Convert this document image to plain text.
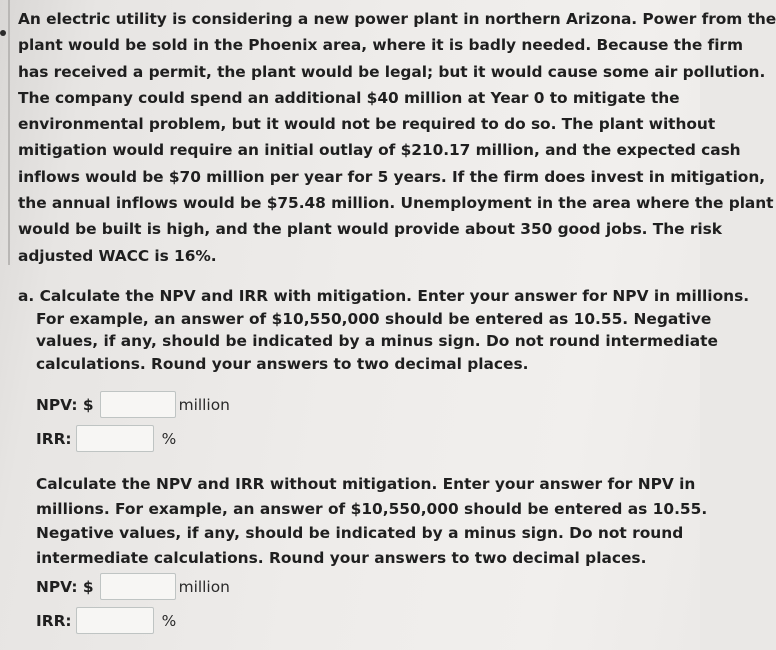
An electric utility is considering a new power plant in northern Arizona. Power from the
plant would be sold in the Phoenix area, where it is badly needed. Because the firm
has received a permit, the plant would be legal; but it would cause some air pollution.
The company could spend an additional $40 million at Year 0 to mitigate the
environmental problem, but it would not be required to do so. The plant without
mitigation would require an initial outlay of $210.17 million, and the expected cash
inflows would be $70 million per year for 5 years. If the firm does invest in mitigation,
the annual inflows would be $75.48 million. Unemployment in the area where the plant
would be built is high, and the plant would provide about 350 good jobs. The risk
adjusted WACC is 16%.
a. Calculate the NPV and IRR with mitigation. Enter your answer for NPV in millions.
For example, an answer of $10,550,000 should be entered as 10.55. Negative
values, if any, should be indicated by a minus sign. Do not round intermediate
calculations. Round your answers to two decimal places.
NPV: $	million
IRR:	%
Calculate the NPV and IRR without mitigation. Enter your answer for NPV in
millions. For example, an answer of $10,550,000 should be entered as 10.55.
Negative values, if any, should be indicated by a minus sign. Do not round
intermediate calculations. Round your answers to two decimal places.
NPV: $	million
IRR:	%
